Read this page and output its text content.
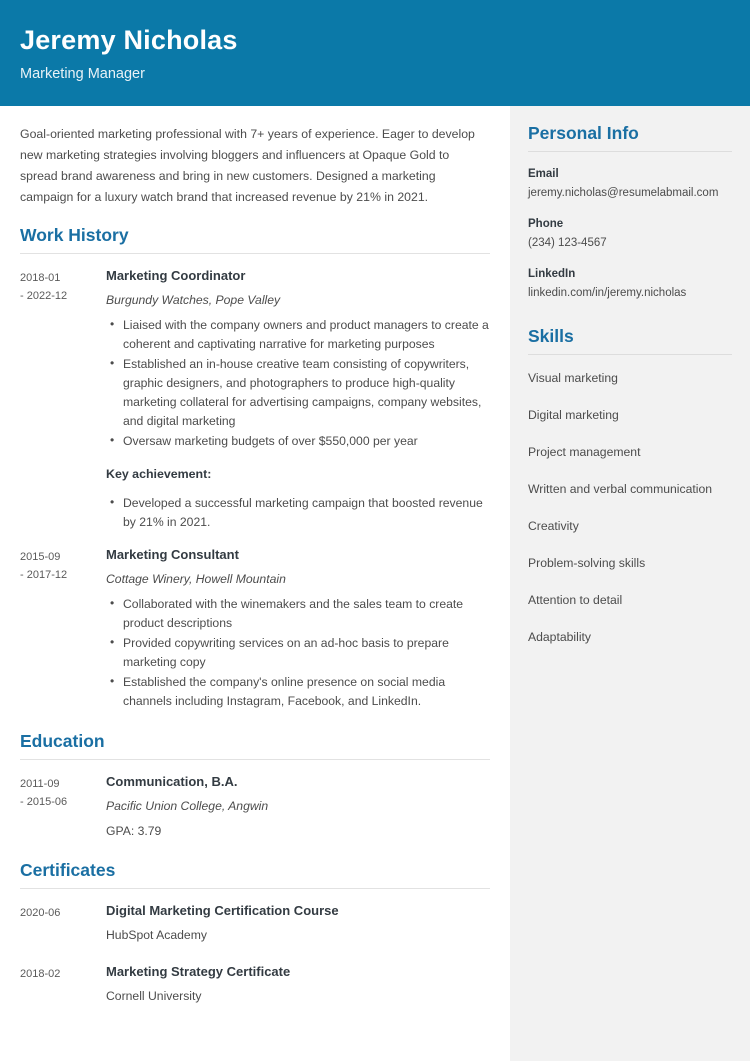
Jeremy Nicholas
Marketing Manager
Goal-oriented marketing professional with 7+ years of experience. Eager to develop new marketing strategies involving bloggers and influencers at Opaque Gold to spread brand awareness and bring in new customers. Designed a marketing campaign for a luxury watch brand that increased revenue by 21% in 2021.
Work History
2018-01
- 2022-12
Marketing Coordinator
Burgundy Watches, Pope Valley
• Liaised with the company owners and product managers to create a coherent and captivating narrative for marketing purposes
• Established an in-house creative team consisting of copywriters, graphic designers, and photographers to produce high-quality marketing collateral for advertising campaigns, company websites, and digital marketing
• Oversaw marketing budgets of over $550,000 per year
Key achievement:
• Developed a successful marketing campaign that boosted revenue by 21% in 2021.
2015-09
- 2017-12
Marketing Consultant
Cottage Winery, Howell Mountain
• Collaborated with the winemakers and the sales team to create product descriptions
• Provided copywriting services on an ad-hoc basis to prepare marketing copy
• Established the company's online presence on social media channels including Instagram, Facebook, and LinkedIn.
Education
2011-09
- 2015-06
Communication, B.A.
Pacific Union College, Angwin
GPA: 3.79
Certificates
2020-06	Digital Marketing Certification Course
HubSpot Academy
2018-02	Marketing Strategy Certificate
Cornell University
Personal Info
Email
jeremy.nicholas@resumelabmail.com
Phone
(234) 123-4567
LinkedIn
linkedin.com/in/jeremy.nicholas
Skills
Visual marketing
Digital marketing
Project management
Written and verbal communication
Creativity
Problem-solving skills
Attention to detail
Adaptability
